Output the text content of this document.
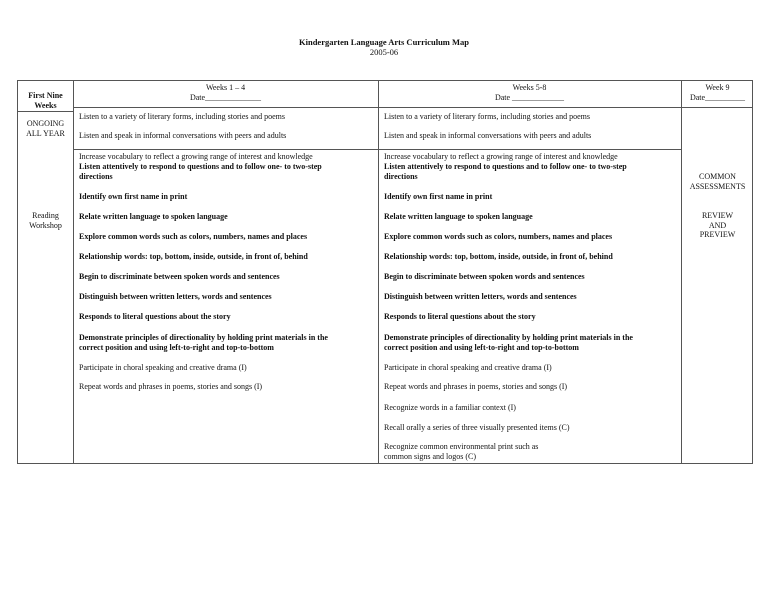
Kindergarten Language Arts Curriculum Map
2005-06
First Nine
Weeks
Weeks 1 – 4
Date______________
Weeks 5-8
Date _____________
Week 9
Date__________
ONGOING
ALL YEAR
Reading
Workshop
COMMON
ASSESSMENTS
REVIEW
AND
PREVIEW
Listen to a variety of literary forms, including stories and poems
Listen and speak in informal conversations with peers and adults
Increase vocabulary to reflect a growing range of interest and knowledge
Listen attentively to respond to questions and to follow one- to two-step
directions
Identify own first name in print
Relate written language to spoken language
Explore common words such as colors, numbers, names and places
Relationship words: top, bottom, inside, outside, in front of, behind
Begin to discriminate between spoken words and sentences
Distinguish between written letters, words and sentences
Responds to literal questions about the story
Demonstrate principles of directionality by holding print materials in the
correct position and using left-to-right and top-to-bottom
Participate in choral speaking and creative drama (I)
Repeat words and phrases in poems, stories and songs (I)
Listen to a variety of literary forms, including stories and poems
Listen and speak in informal conversations with peers and adults
Increase vocabulary to reflect a growing range of interest and knowledge
Listen attentively to respond to questions and to follow one- to two-step
directions
Identify own first name in print
Relate written language to spoken language
Explore common words such as colors, numbers, names and places
Relationship words: top, bottom, inside, outside, in front of, behind
Begin to discriminate between spoken words and sentences
Distinguish between written letters, words and sentences
Responds to literal questions about the story
Demonstrate principles of directionality by holding print materials in the
correct position and using left-to-right and top-to-bottom
Participate in choral speaking and creative drama (I)
Repeat words and phrases in poems, stories and songs (I)
Recognize words in a familiar context (I)
Recall orally a series of three visually presented items (C)
Recognize common environmental print such as
common signs and logos (C)
